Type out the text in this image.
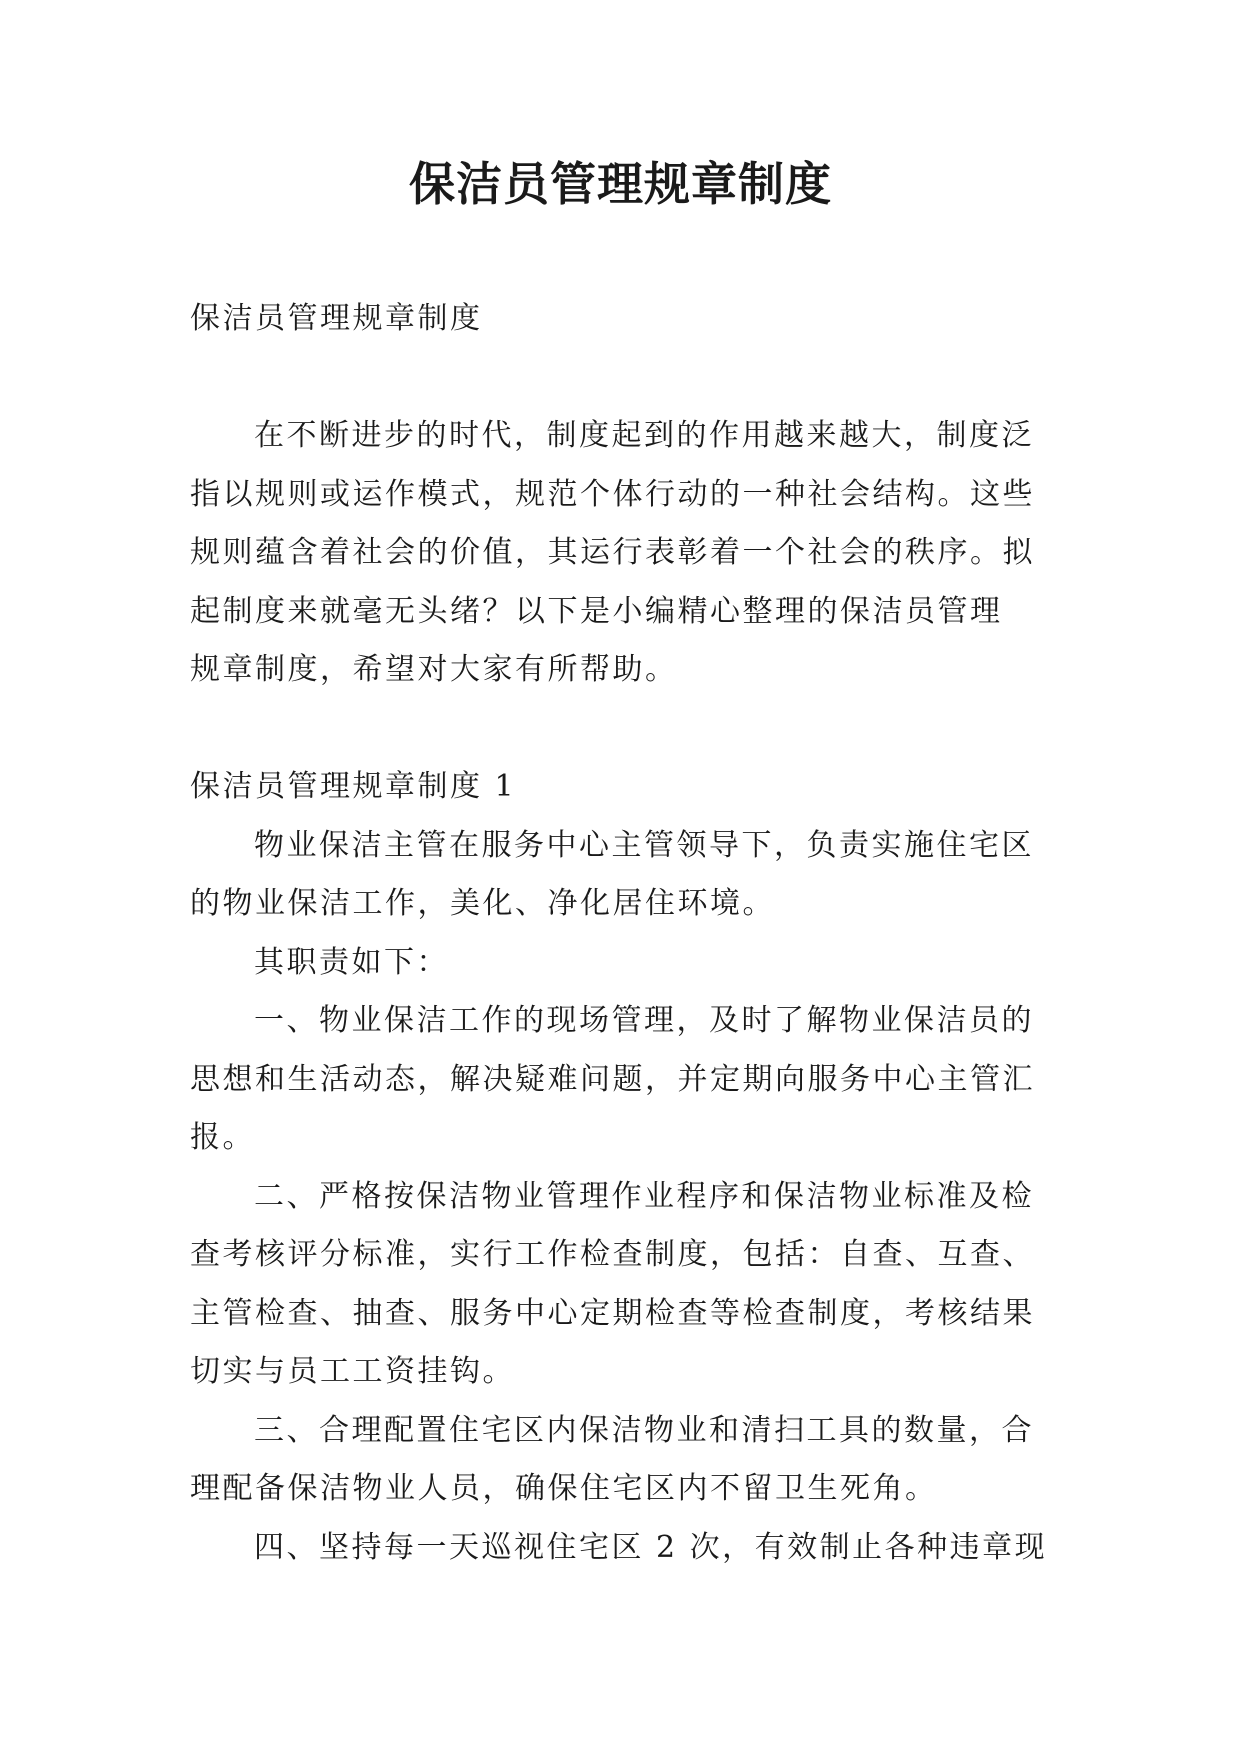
保洁员管理规章制度

保洁员管理规章制度

在不断进步的时代，制度起到的作用越来越大，制度泛

指以规则或运作模式，规范个体行动的一种社会结构。这些

规则蕴含着社会的价值，其运行表彰着一个社会的秩序。拟

起制度来就毫无头绪？以下是小编精心整理的保洁员管理

规章制度，希望对大家有所帮助。

保洁员管理规章制度 1

物业保洁主管在服务中心主管领导下，负责实施住宅区

的物业保洁工作，美化、净化居住环境。

其职责如下：

一、物业保洁工作的现场管理，及时了解物业保洁员的

思想和生活动态，解决疑难问题，并定期向服务中心主管汇

报。

二、严格按保洁物业管理作业程序和保洁物业标准及检

查考核评分标准，实行工作检查制度，包括：自查、互查、

主管检查、抽查、服务中心定期检查等检查制度，考核结果

切实与员工工资挂钩。

三、合理配置住宅区内保洁物业和清扫工具的数量，合

理配备保洁物业人员，确保住宅区内不留卫生死角。

四、坚持每一天巡视住宅区 2 次，有效制止各种违章现
